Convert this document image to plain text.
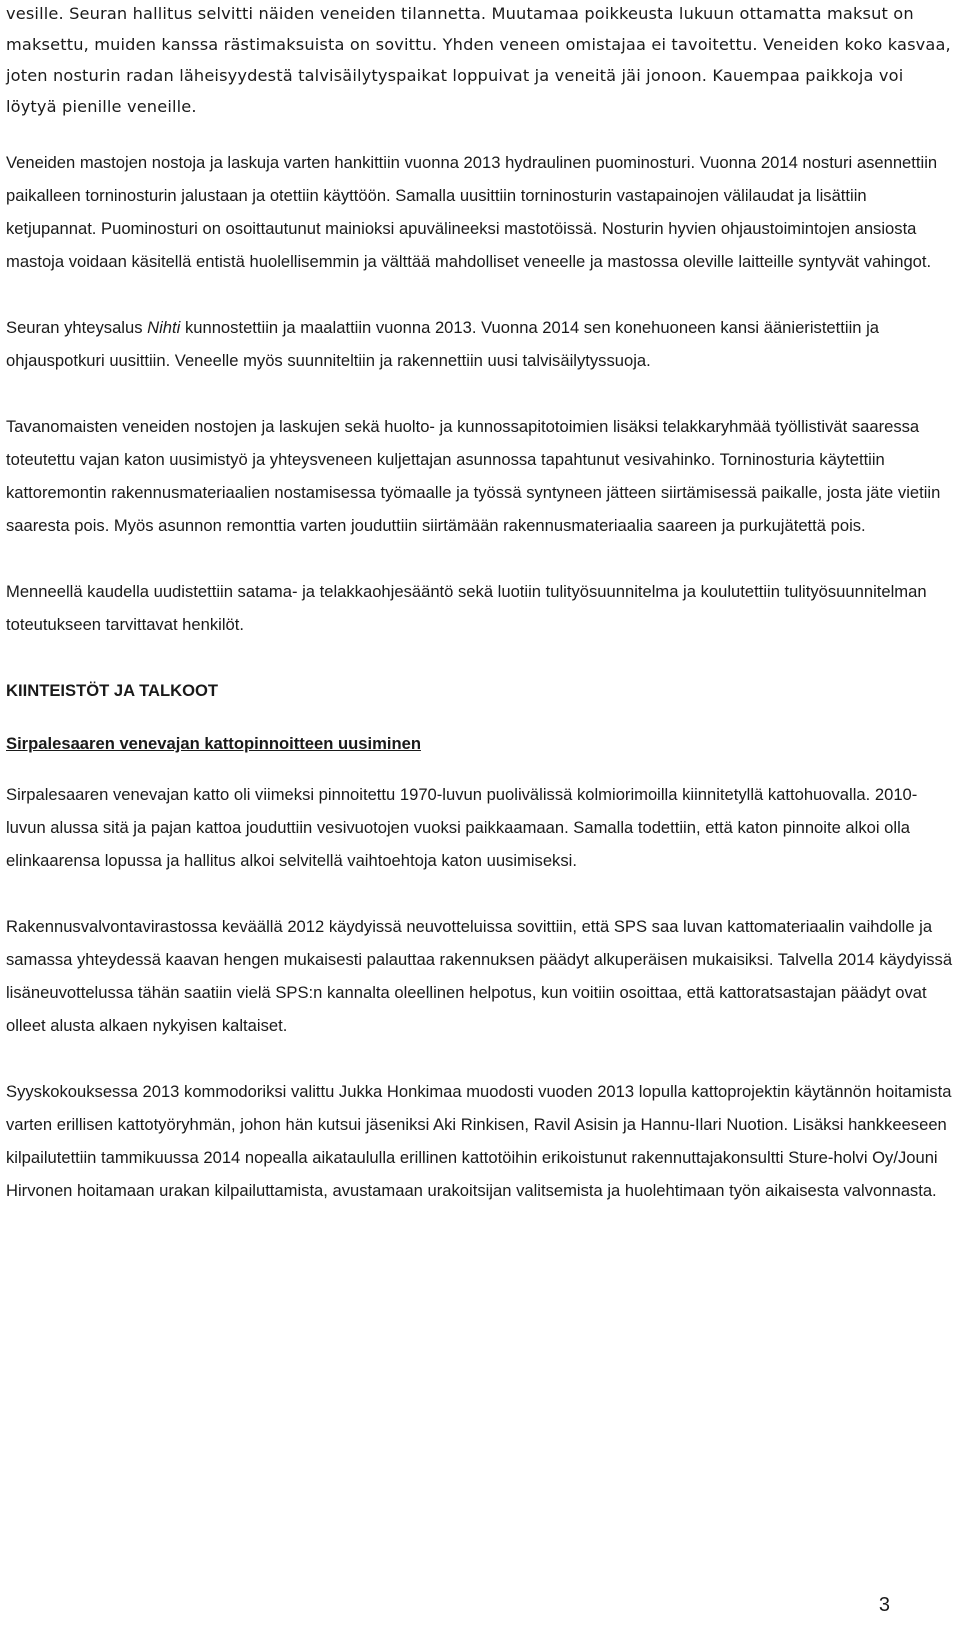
vesille. Seuran hallitus selvitti näiden veneiden tilannetta. Muutamaa poikkeusta lukuun ottamatta maksut on maksettu, muiden kanssa rästimaksuista on sovittu. Yhden veneen omistajaa ei tavoitettu. Veneiden koko kasvaa, joten nosturin radan läheisyydestä talvisäilytyspaikat loppuivat ja veneitä jäi jonoon. Kauempaa paikkoja voi löytyä pienille veneille.

Veneiden mastojen nostoja ja laskuja varten hankittiin vuonna 2013 hydraulinen puominosturi. Vuonna 2014 nosturi asennettiin paikalleen torninosturin jalustaan ja otettiin käyttöön. Samalla uusittiin torninosturin vastapainojen välilaudat ja lisättiin ketjupannat. Puominosturi on osoittautunut mainioksi apuvälineeksi mastotöissä. Nosturin hyvien ohjaustoimintojen ansiosta mastoja voidaan käsitellä entistä huolellisemmin ja välttää mahdolliset veneelle ja mastossa oleville laitteille syntyvät vahingot.

Seuran yhteysalus Nihti kunnostettiin ja maalattiin vuonna 2013. Vuonna 2014 sen konehuoneen kansi äänieristettiin ja ohjauspotkuri uusittiin. Veneelle myös suunniteltiin ja rakennettiin uusi talvisäilytyssuoja.

Tavanomaisten veneiden nostojen ja laskujen sekä huolto- ja kunnossapitotoimien lisäksi telakkaryhmää työllistivät saaressa toteutettu vajan katon uusimistyö ja yhteysveneen kuljettajan asunnossa tapahtunut vesivahinko. Torninosturia käytettiin kattoremontin rakennusmateriaalien nostamisessa työmaalle ja työssä syntyneen jätteen siirtämisessä paikalle, josta jäte vietiin saaresta pois. Myös asunnon remonttia varten jouduttiin siirtämään rakennusmateriaalia saareen ja purkujätettä pois.

Menneellä kaudella uudistettiin satama- ja telakkaohjesääntö sekä luotiin tulityösuunnitelma ja koulutettiin tulityösuunnitelman toteutukseen tarvittavat henkilöt.

KIINTEISTÖT JA TALKOOT

Sirpalesaaren venevajan kattopinnoitteen uusiminen

Sirpalesaaren venevajan katto oli viimeksi pinnoitettu 1970-luvun puolivälissä kolmiorimoilla kiinnitetyllä kattohuovalla. 2010-luvun alussa sitä ja pajan kattoa jouduttiin vesivuotojen vuoksi paikkaamaan. Samalla todettiin, että katon pinnoite alkoi olla elinkaarensa lopussa ja hallitus alkoi selvitellä vaihtoehtoja katon uusimiseksi.

Rakennusvalvontavirastossa keväällä 2012 käydyissä neuvotteluissa sovittiin, että SPS saa luvan kattomateriaalin vaihdolle ja samassa yhteydessä kaavan hengen mukaisesti palauttaa rakennuksen päädyt alkuperäisen mukaisiksi. Talvella 2014 käydyissä lisäneuvottelussa tähän saatiin vielä SPS:n kannalta oleellinen helpotus, kun voitiin osoittaa, että kattoratsastajan päädyt ovat olleet alusta alkaen nykyisen kaltaiset.

Syyskokouksessa 2013 kommodoriksi valittu Jukka Honkimaa muodosti vuoden 2013 lopulla kattoprojektin käytännön hoitamista varten erillisen kattotyöryhmän, johon hän kutsui jäseniksi Aki Rinkisen, Ravil Asisin ja Hannu-Ilari Nuotion. Lisäksi hankkeeseen kilpailutettiin tammikuussa 2014 nopealla aikataululla erillinen kattotöihin erikoistunut rakennuttajakonsultti Sture-holvi Oy/Jouni Hirvonen hoitamaan urakan kilpailuttamista, avustamaan urakoitsijan valitsemista ja huolehtimaan työn aikaisesta valvonnasta.

3
